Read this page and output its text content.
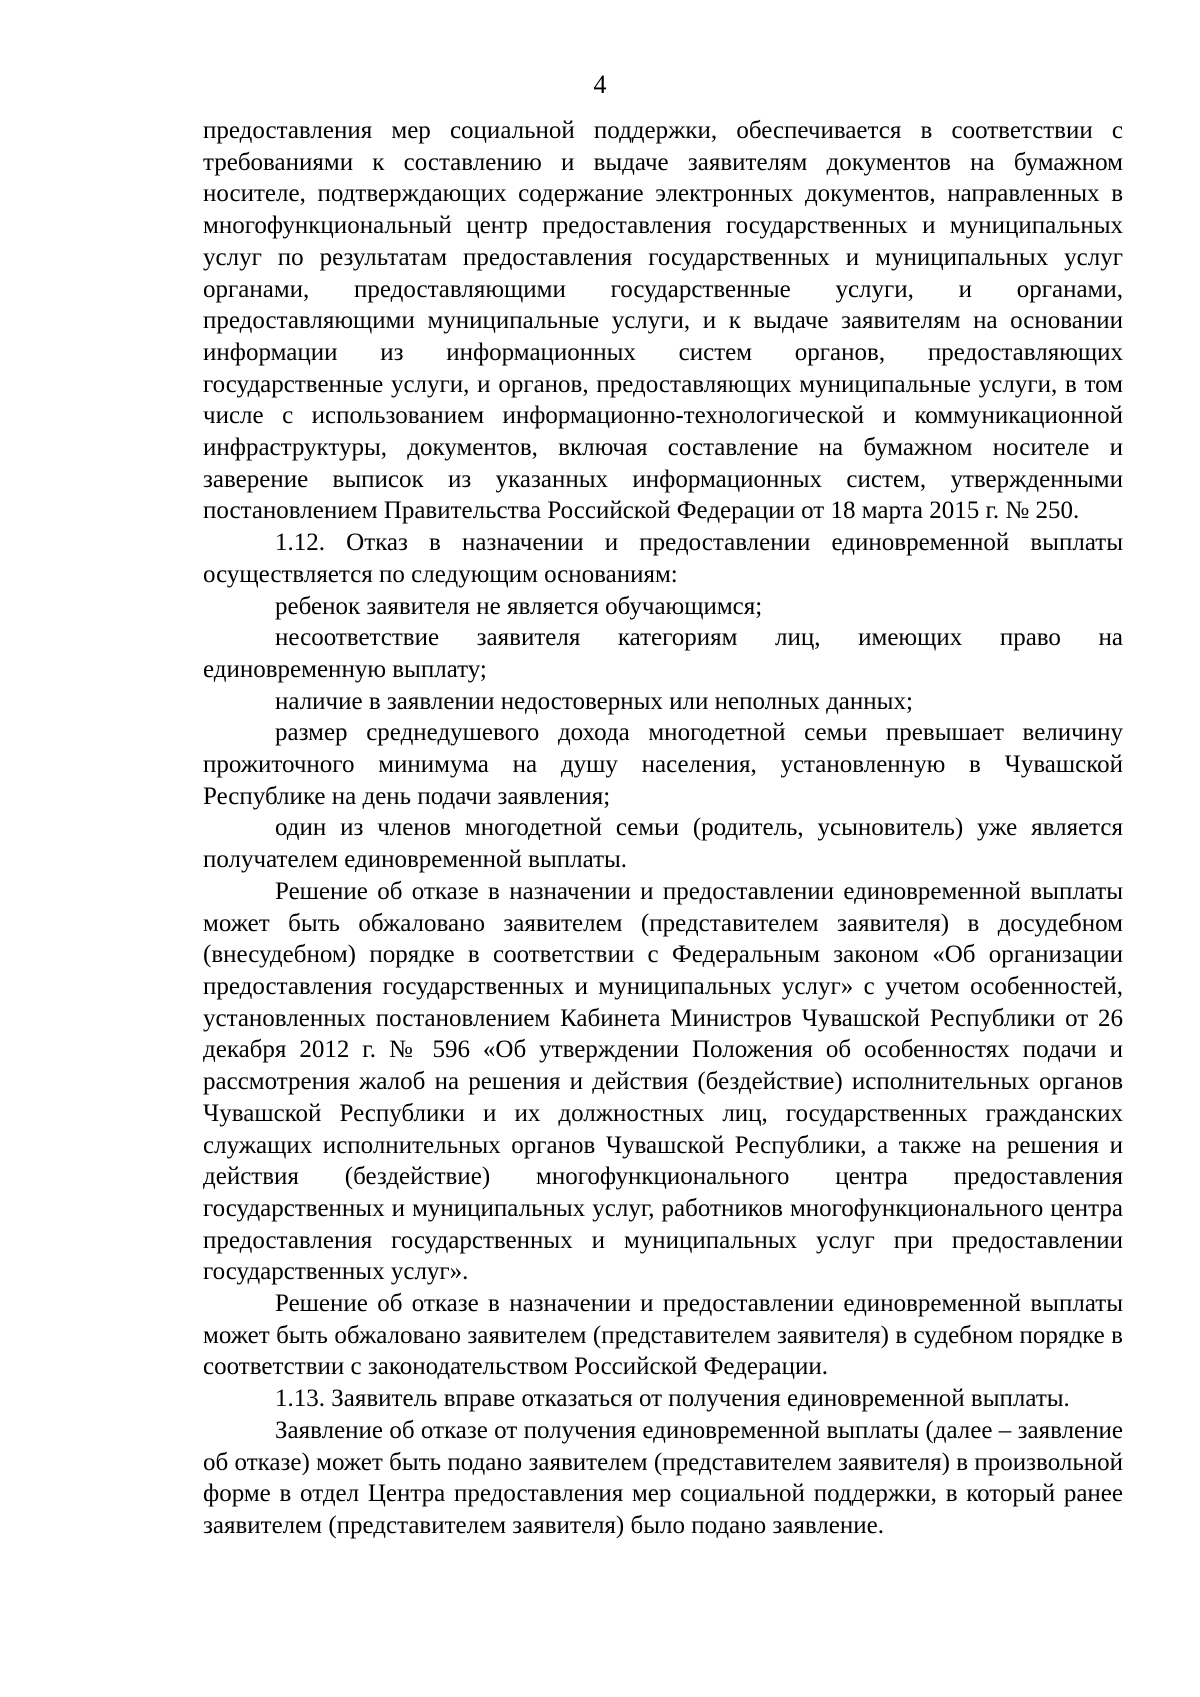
4

предоставления мер социальной поддержки, обеспечивается в соответствии с требованиями к составлению и выдаче заявителям документов на бумажном носителе, подтверждающих содержание электронных документов, направленных в многофункциональный центр предоставления государственных и муниципальных услуг по результатам предоставления государственных и муниципальных услуг органами, предоставляющими государственные услуги, и органами, предоставляющими муниципальные услуги, и к выдаче заявителям на основании информации из информационных систем органов, предоставляющих государственные услуги, и органов, предоставляющих муниципальные услуги, в том числе с использованием информационно-технологической и коммуникационной инфраструктуры, документов, включая составление на бумажном носителе и заверение выписок из указанных информационных систем, утвержденными постановлением Правительства Российской Федерации от 18 марта 2015 г. № 250.

1.12. Отказ в назначении и предоставлении единовременной выплаты осуществляется по следующим основаниям:

ребенок заявителя не является обучающимся;

несоответствие заявителя категориям лиц, имеющих право на единовременную выплату;

наличие в заявлении недостоверных или неполных данных;

размер среднедушевого дохода многодетной семьи превышает величину прожиточного минимума на душу населения, установленную в Чувашской Республике на день подачи заявления;

один из членов многодетной семьи (родитель, усыновитель) уже является получателем единовременной выплаты.

Решение об отказе в назначении и предоставлении единовременной выплаты может быть обжаловано заявителем (представителем заявителя) в досудебном (внесудебном) порядке в соответствии с Федеральным законом «Об организации предоставления государственных и муниципальных услуг» с учетом особенностей, установленных постановлением Кабинета Министров Чувашской Республики от 26 декабря 2012 г. № 596 «Об утверждении Положения об особенностях подачи и рассмотрения жалоб на решения и действия (бездействие) исполнительных органов Чувашской Республики и их должностных лиц, государственных гражданских служащих исполнительных органов Чувашской Республики, а также на решения и действия (бездействие) многофункционального центра предоставления государственных и муниципальных услуг, работников многофункционального центра предоставления государственных и муниципальных услуг при предоставлении государственных услуг».

Решение об отказе в назначении и предоставлении единовременной выплаты может быть обжаловано заявителем (представителем заявителя) в судебном порядке в соответствии с законодательством Российской Федерации.

1.13. Заявитель вправе отказаться от получения единовременной выплаты.

Заявление об отказе от получения единовременной выплаты (далее – заявление об отказе) может быть подано заявителем (представителем заявителя) в произвольной форме в отдел Центра предоставления мер социальной поддержки, в который ранее заявителем (представителем заявителя) было подано заявление.
